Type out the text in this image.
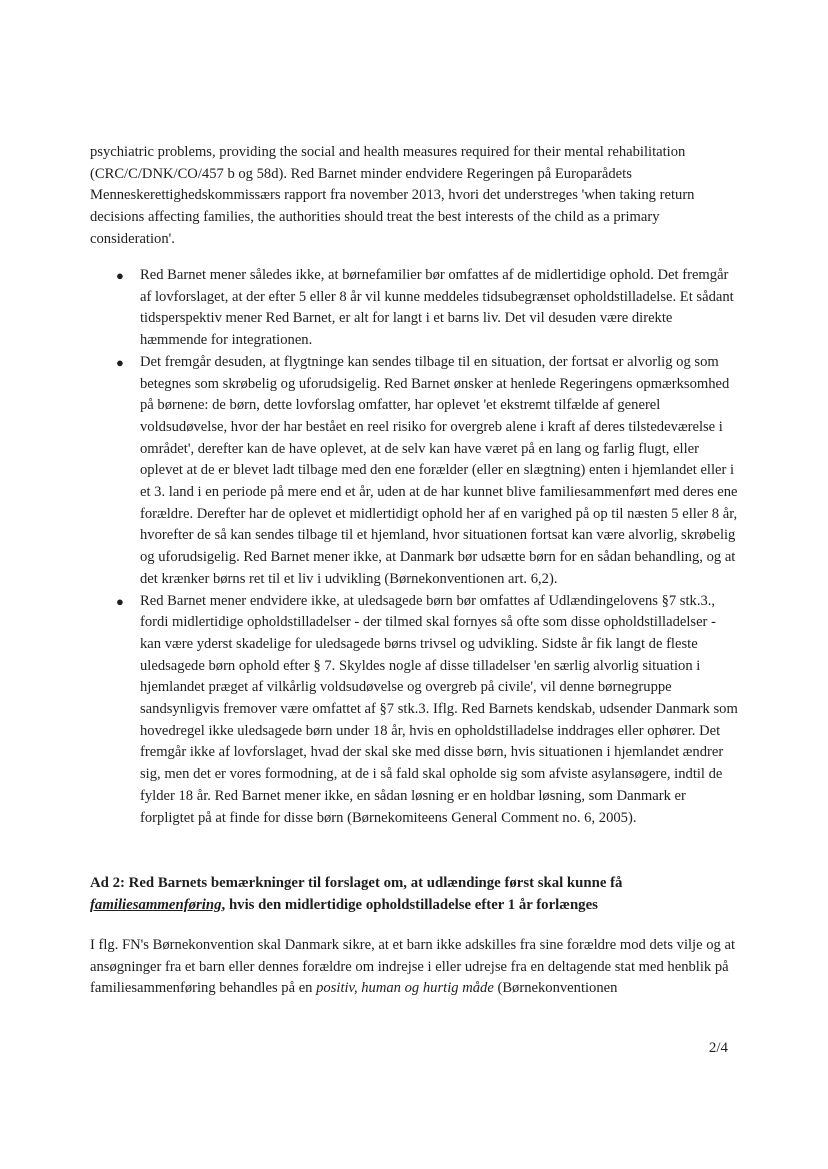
psychiatric problems, providing the social and health measures required for their mental rehabilitation (CRC/C/DNK/CO/457 b og 58d). Red Barnet minder endvidere Regeringen på Europarådets Menneskerettighedskommissærs rapport fra november 2013, hvori det understreges 'when taking return decisions affecting families, the authorities should treat the best interests of the child as a primary consideration'.

● Red Barnet mener således ikke, at børnefamilier bør omfattes af de midlertidige ophold. Det fremgår af lovforslaget, at der efter 5 eller 8 år vil kunne meddeles tidsubegrænset opholdstilladelse. Et sådant tidsperspektiv mener Red Barnet, er alt for langt i et barns liv. Det vil desuden være direkte hæmmende for integrationen.
● Det fremgår desuden, at flygtninge kan sendes tilbage til en situation, der fortsat er alvorlig og som betegnes som skrøbelig og uforudsigelig. Red Barnet ønsker at henlede Regeringens opmærksomhed på børnene: de børn, dette lovforslag omfatter, har oplevet 'et ekstremt tilfælde af generel voldsudøvelse, hvor der har bestået en reel risiko for overgreb alene i kraft af deres tilstedeværelse i området', derefter kan de have oplevet, at de selv kan have været på en lang og farlig flugt, eller oplevet at de er blevet ladt tilbage med den ene forælder (eller en slægtning) enten i hjemlandet eller i et 3. land i en periode på mere end et år, uden at de har kunnet blive familiesammenført med deres ene forældre. Derefter har de oplevet et midlertidigt ophold her af en varighed på op til næsten 5 eller 8 år, hvorefter de så kan sendes tilbage til et hjemland, hvor situationen fortsat kan være alvorlig, skrøbelig og uforudsigelig. Red Barnet mener ikke, at Danmark bør udsætte børn for en sådan behandling, og at det krænker børns ret til et liv i udvikling (Børnekonventionen art. 6,2).
● Red Barnet mener endvidere ikke, at uledsagede børn bør omfattes af Udlændingelovens §7 stk.3., fordi midlertidige opholdstilladelser - der tilmed skal fornyes så ofte som disse opholdstilladelser - kan være yderst skadelige for uledsagede børns trivsel og udvikling. Sidste år fik langt de fleste uledsagede børn ophold efter § 7. Skyldes nogle af disse tilladelser 'en særlig alvorlig situation i hjemlandet præget af vilkårlig voldsudøvelse og overgreb på civile', vil denne børnegruppe sandsynligvis fremover være omfattet af §7 stk.3. Iflg. Red Barnets kendskab, udsender Danmark som hovedregel ikke uledsagede børn under 18 år, hvis en opholdstilladelse inddrages eller ophører. Det fremgår ikke af lovforslaget, hvad der skal ske med disse børn, hvis situationen i hjemlandet ændrer sig, men det er vores formodning, at de i så fald skal opholde sig som afviste asylansøgere, indtil de fylder 18 år. Red Barnet mener ikke, en sådan løsning er en holdbar løsning, som Danmark er forpligtet på at finde for disse børn (Børnekomiteens General Comment no. 6, 2005).
Ad 2: Red Barnets bemærkninger til forslaget om, at udlændinge først skal kunne få familiesammenføring, hvis den midlertidige opholdstilladelse efter 1 år forlænges

I flg. FN's Børnekonvention skal Danmark sikre, at et barn ikke adskilles fra sine forældre mod dets vilje og at ansøgninger fra et barn eller dennes forældre om indrejse i eller udrejse fra en deltagende stat med henblik på familiesammenføring behandles på en positiv, human og hurtig måde (Børnekonventionen

2/4
